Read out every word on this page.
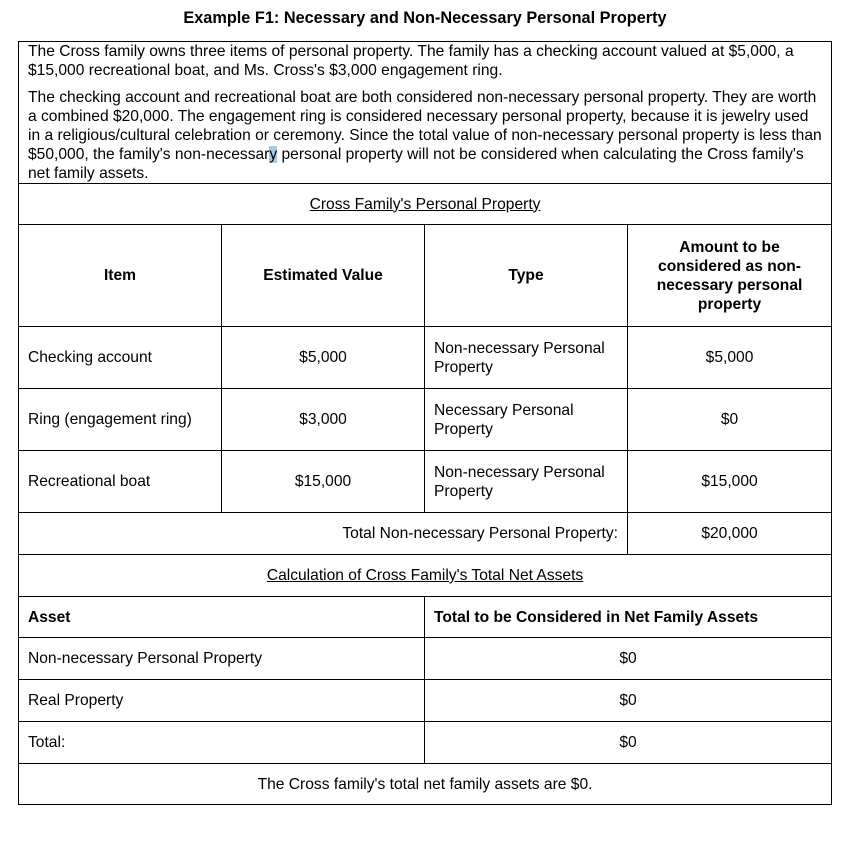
Example F1: Necessary and Non-Necessary Personal Property

The Cross family owns three items of personal property. The family has a checking account valued at $5,000, a $15,000 recreational boat, and Ms. Cross's $3,000 engagement ring.

The checking account and recreational boat are both considered non-necessary personal property. They are worth a combined $20,000. The engagement ring is considered necessary personal property, because it is jewelry used in a religious/cultural celebration or ceremony. Since the total value of non-necessary personal property is less than $50,000, the family's non-necessary personal property will not be considered when calculating the Cross family's net family assets.			

Cross Family's Personal Property			
Item	Estimated Value	Type	Amount to be considered as non-necessary personal property
Checking account	$5,000	Non-necessary Personal Property	$5,000
Ring (engagement ring)	$3,000	Necessary Personal Property	$0
Recreational boat	$15,000	Non-necessary Personal Property	$15,000
Total Non-necessary Personal Property:			$20,000
Calculation of Cross Family's Total Net Assets			
Asset		Total to be Considered in Net Family Assets	
Non-necessary Personal Property		$0	
Real Property		$0	
Total:		$0	
The Cross family's total net family assets are $0.			
